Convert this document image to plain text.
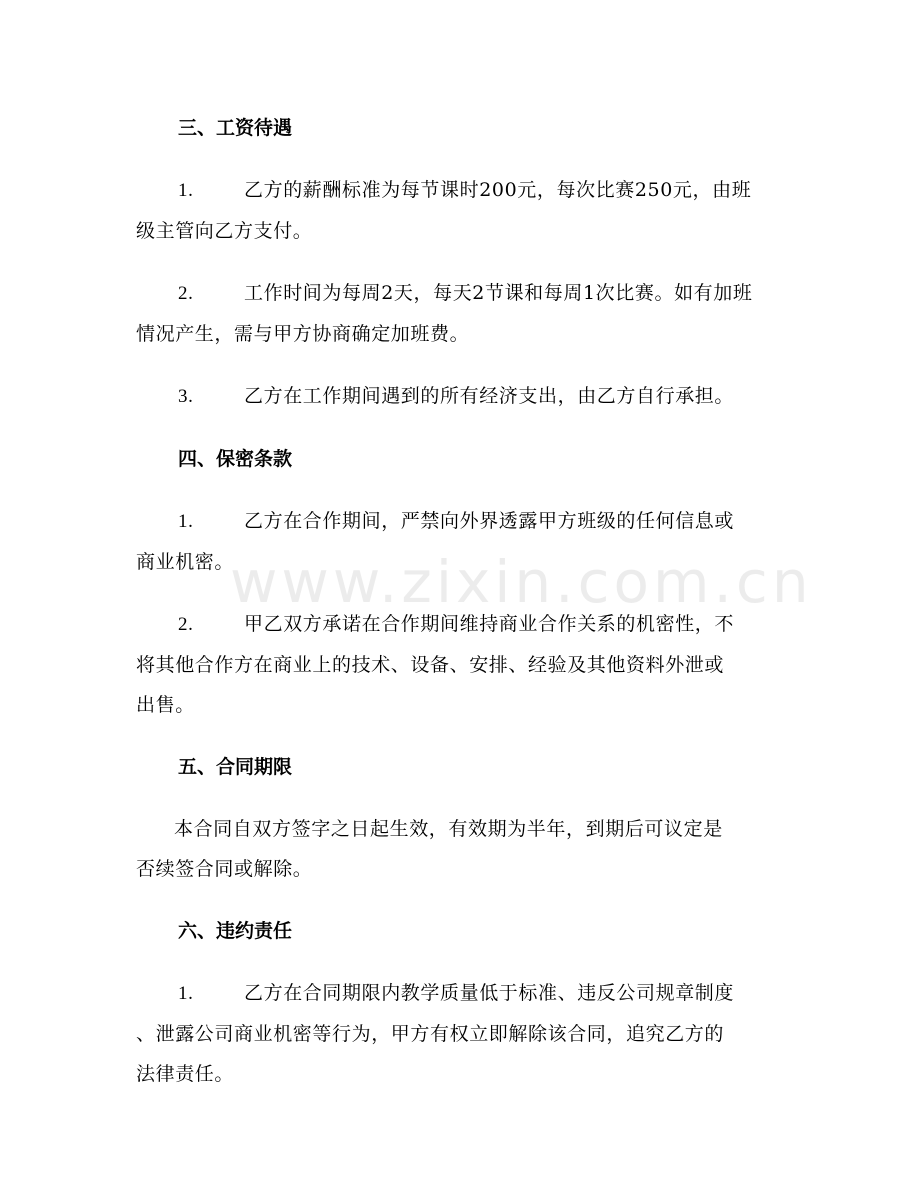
www.zixin.com.cn
三、工资待遇
1.	乙方的薪酬标准为每节课时200元，每次比赛250元，由班
级主管向乙方支付。
2.	工作时间为每周2天，每天2节课和每周1次比赛。如有加班
情况产生，需与甲方协商确定加班费。
3.	乙方在工作期间遇到的所有经济支出，由乙方自行承担。
四、保密条款
1.	乙方在合作期间，严禁向外界透露甲方班级的任何信息或
商业机密。
2.	甲乙双方承诺在合作期间维持商业合作关系的机密性，不
将其他合作方在商业上的技术、设备、安排、经验及其他资料外泄或
出售。
五、合同期限
本合同自双方签字之日起生效，有效期为半年，到期后可议定是
否续签合同或解除。
六、违约责任
1.	乙方在合同期限内教学质量低于标准、违反公司规章制度
、泄露公司商业机密等行为，甲方有权立即解除该合同，追究乙方的
法律责任。
